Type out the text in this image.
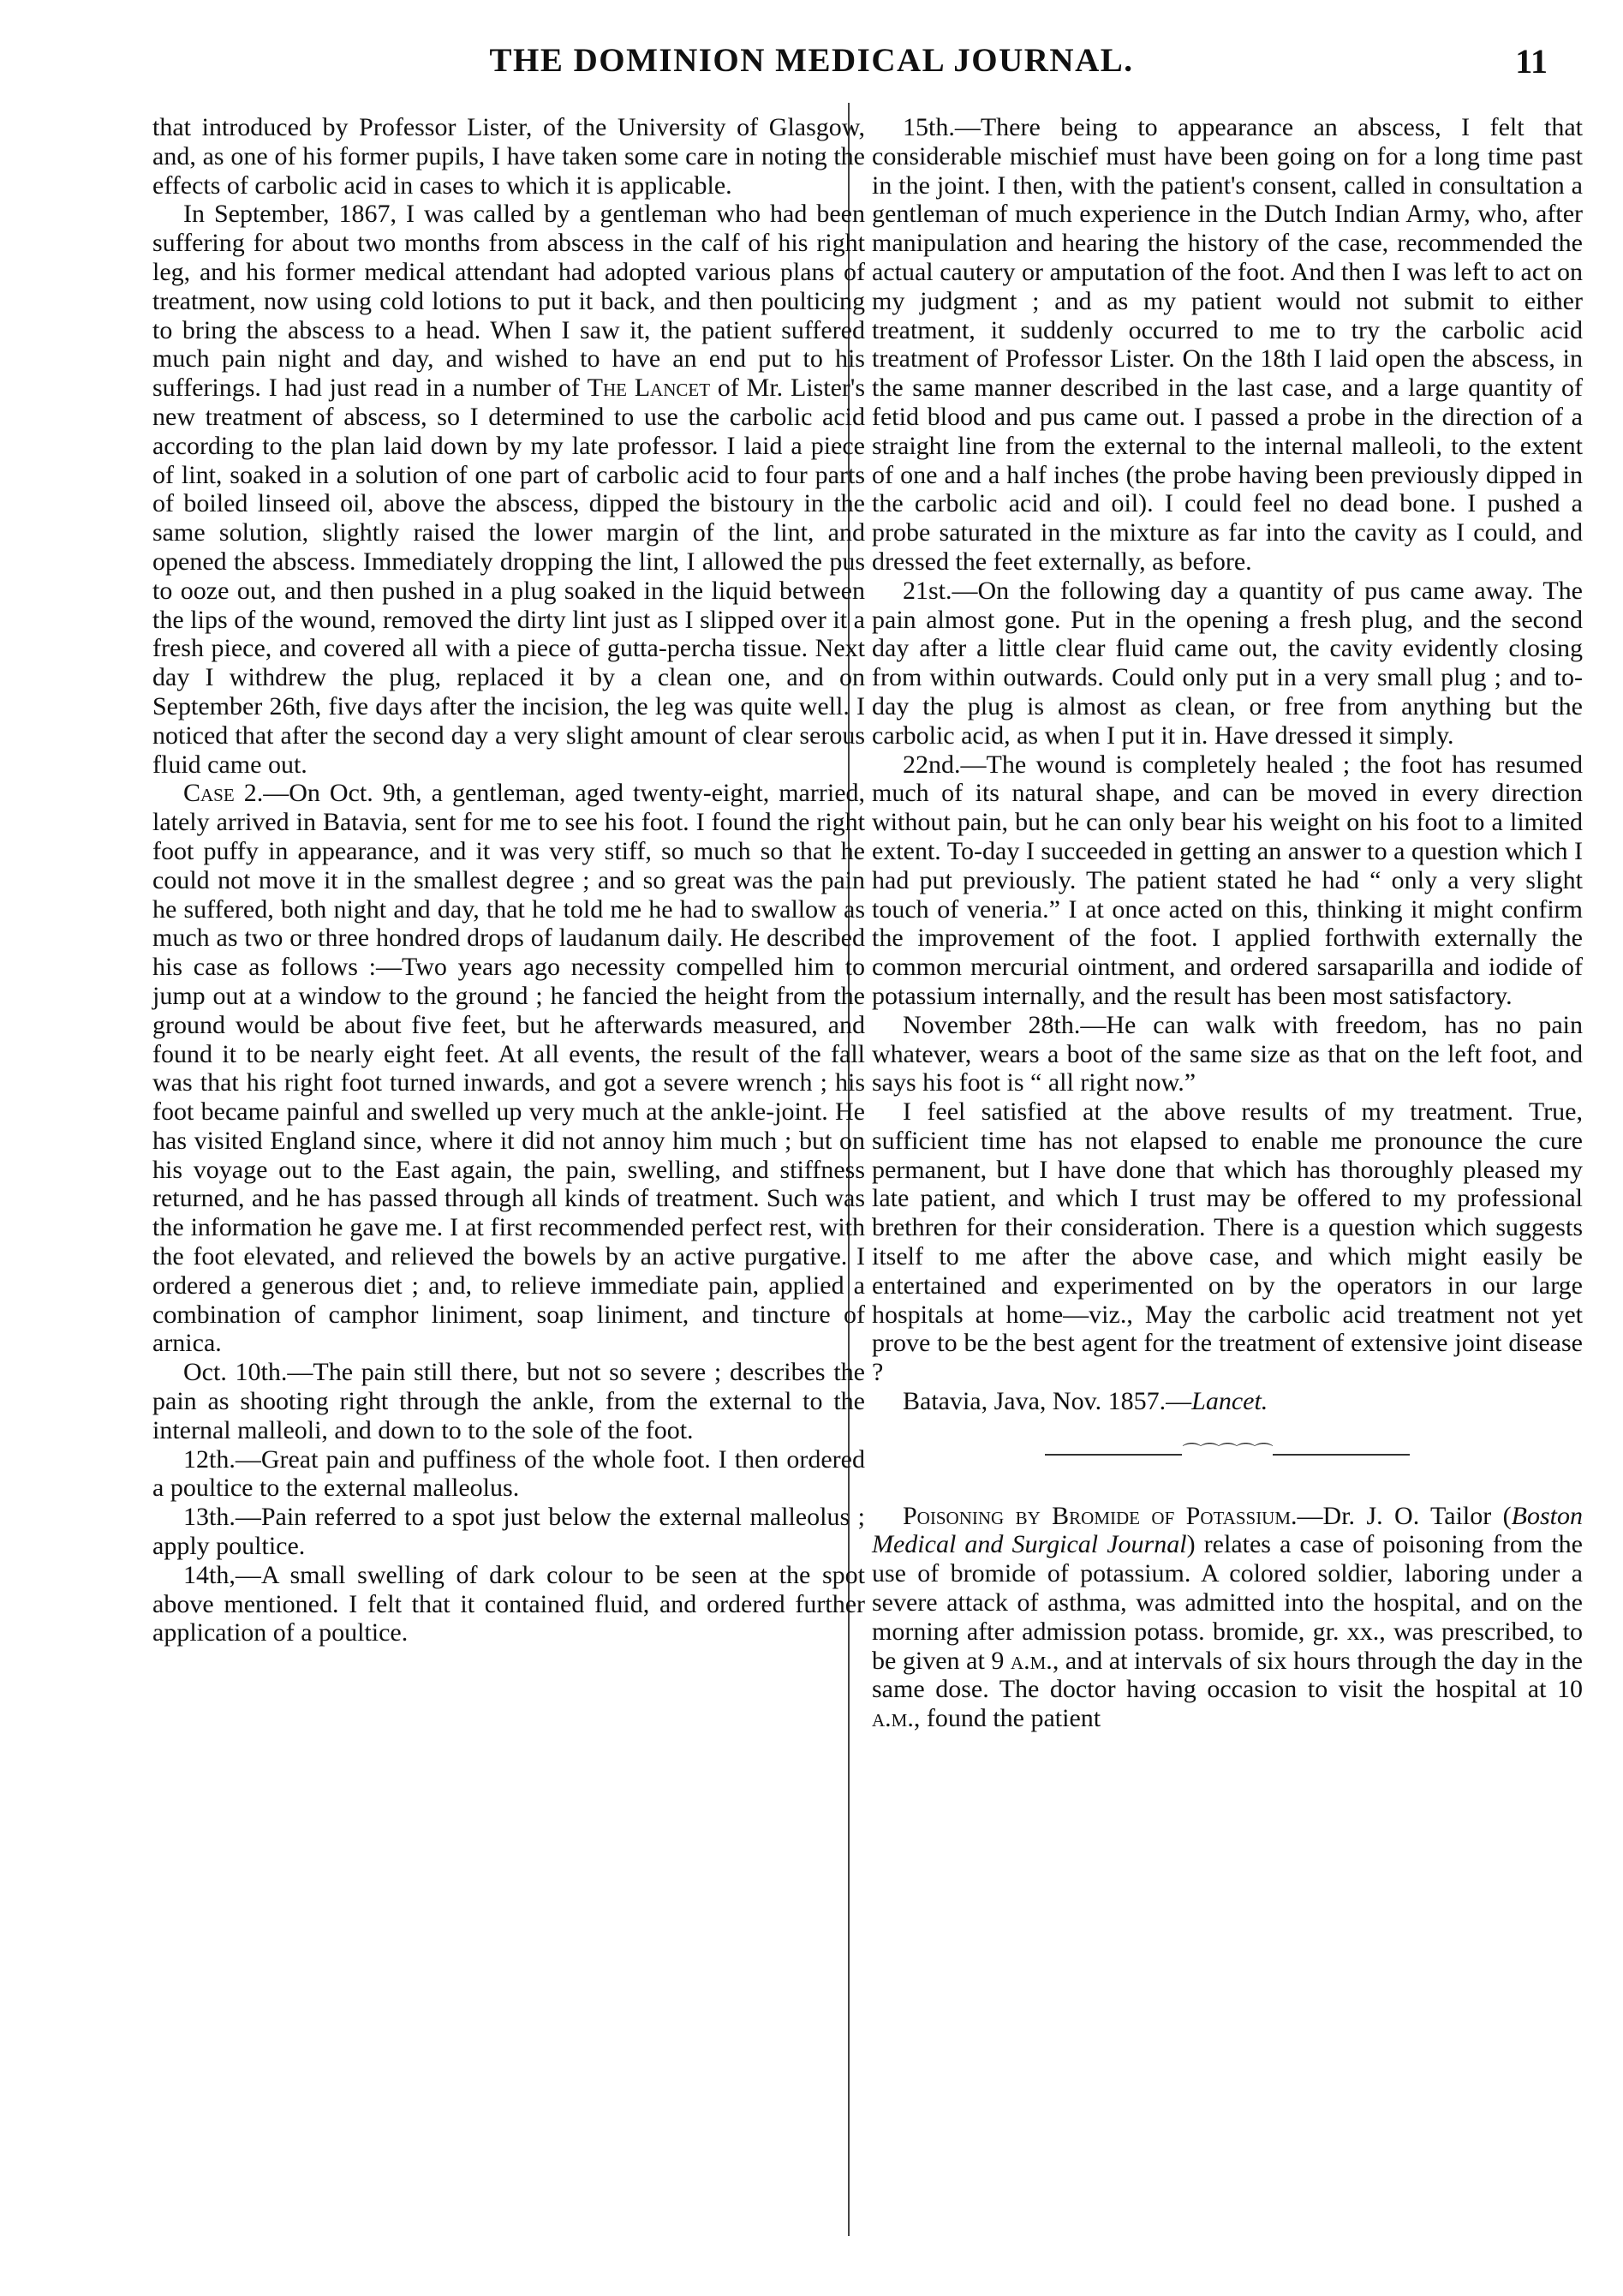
THE DOMINION MEDICAL JOURNAL.	11

that introduced by Professor Lister, of the University of Glasgow, and, as one of his former pupils, I have taken some care in noting the effects of carbolic acid in cases to which it is applicable.

In September, 1867, I was called by a gentleman who had been suffering for about two months from abscess in the calf of his right leg, and his former medical attendant had adopted various plans of treatment, now using cold lotions to put it back, and then poulticing to bring the abscess to a head. When I saw it, the patient suffered much pain night and day, and wished to have an end put to his sufferings. I had just read in a number of The Lancet of Mr. Lister's new treatment of abscess, so I determined to use the carbolic acid according to the plan laid down by my late professor. I laid a piece of lint, soaked in a solution of one part of carbolic acid to four parts of boiled linseed oil, above the abscess, dipped the bistoury in the same solution, slightly raised the lower margin of the lint, and opened the abscess. Immediately dropping the lint, I allowed the pus to ooze out, and then pushed in a plug soaked in the liquid between the lips of the wound, removed the dirty lint just as I slipped over it a fresh piece, and covered all with a piece of gutta-percha tissue. Next day I withdrew the plug, replaced it by a clean one, and on September 26th, five days after the incision, the leg was quite well. I noticed that after the second day a very slight amount of clear serous fluid came out.

Case 2.—On Oct. 9th, a gentleman, aged twenty-eight, married, lately arrived in Batavia, sent for me to see his foot. I found the right foot puffy in appearance, and it was very stiff, so much so that he could not move it in the smallest degree ; and so great was the pain he suffered, both night and day, that he told me he had to swallow as much as two or three hondred drops of laudanum daily. He described his case as follows :—Two years ago necessity compelled him to jump out at a window to the ground ; he fancied the height from the ground would be about five feet, but he afterwards measured, and found it to be nearly eight feet. At all events, the result of the fall was that his right foot turned inwards, and got a severe wrench ; his foot became painful and swelled up very much at the ankle-joint. He has visited England since, where it did not annoy him much ; but on his voyage out to the East again, the pain, swelling, and stiffness returned, and he has passed through all kinds of treatment. Such was the information he gave me. I at first recommended perfect rest, with the foot elevated, and relieved the bowels by an active purgative. I ordered a generous diet ; and, to relieve immediate pain, applied a combination of camphor liniment, soap liniment, and tincture of arnica.

Oct. 10th.—The pain still there, but not so severe ; describes the pain as shooting right through the ankle, from the external to the internal malleoli, and down to to the sole of the foot.

12th.—Great pain and puffiness of the whole foot. I then ordered a poultice to the external malleolus.

13th.—Pain referred to a spot just below the external malleolus ; apply poultice.

14th,—A small swelling of dark colour to be seen at the spot above mentioned. I felt that it contained fluid, and ordered further application of a poultice.

15th.—There being to appearance an abscess, I felt that considerable mischief must have been going on for a long time past in the joint. I then, with the patient's consent, called in consultation a gentleman of much experience in the Dutch Indian Army, who, after manipulation and hearing the history of the case, recommended the actual cautery or amputation of the foot. And then I was left to act on my judgment ; and as my patient would not submit to either treatment, it suddenly occurred to me to try the carbolic acid treatment of Professor Lister. On the 18th I laid open the abscess, in the same manner described in the last case, and a large quantity of fetid blood and pus came out. I passed a probe in the direction of a straight line from the external to the internal malleoli, to the extent of one and a half inches (the probe having been previously dipped in the carbolic acid and oil). I could feel no dead bone. I pushed a probe saturated in the mixture as far into the cavity as I could, and dressed the feet externally, as before.

21st.—On the following day a quantity of pus came away. The pain almost gone. Put in the opening a fresh plug, and the second day after a little clear fluid came out, the cavity evidently closing from within outwards. Could only put in a very small plug ; and to-day the plug is almost as clean, or free from anything but the carbolic acid, as when I put it in. Have dressed it simply.

22nd.—The wound is completely healed ; the foot has resumed much of its natural shape, and can be moved in every direction without pain, but he can only bear his weight on his foot to a limited extent. To-day I succeeded in getting an answer to a question which I had put previously. The patient stated he had “ only a very slight touch of veneria.” I at once acted on this, thinking it might confirm the improvement of the foot. I applied forthwith externally the common mercurial ointment, and ordered sarsaparilla and iodide of potassium internally, and the result has been most satisfactory.

November 28th.—He can walk with freedom, has no pain whatever, wears a boot of the same size as that on the left foot, and says his foot is “ all right now.”

I feel satisfied at the above results of my treatment. True, sufficient time has not elapsed to enable me pronounce the cure permanent, but I have done that which has thoroughly pleased my late patient, and which I trust may be offered to my professional brethren for their consideration. There is a question which suggests itself to me after the above case, and which might easily be entertained and experimented on by the operators in our large hospitals at home—viz., May the carbolic acid treatment not yet prove to be the best agent for the treatment of extensive joint disease ?

Batavia, Java, Nov. 1857.—Lancet.

⌒⌒⌒⌒⌒

Poisoning by Bromide of Potassium.—Dr. J. O. Tailor (Boston Medical and Surgical Journal) relates a case of poisoning from the use of bromide of potassium. A colored soldier, laboring under a severe attack of asthma, was admitted into the hospital, and on the morning after admission potass. bromide, gr. xx., was prescribed, to be given at 9 a.m., and at intervals of six hours through the day in the same dose. The doctor having occasion to visit the hospital at 10 a.m., found the patient
